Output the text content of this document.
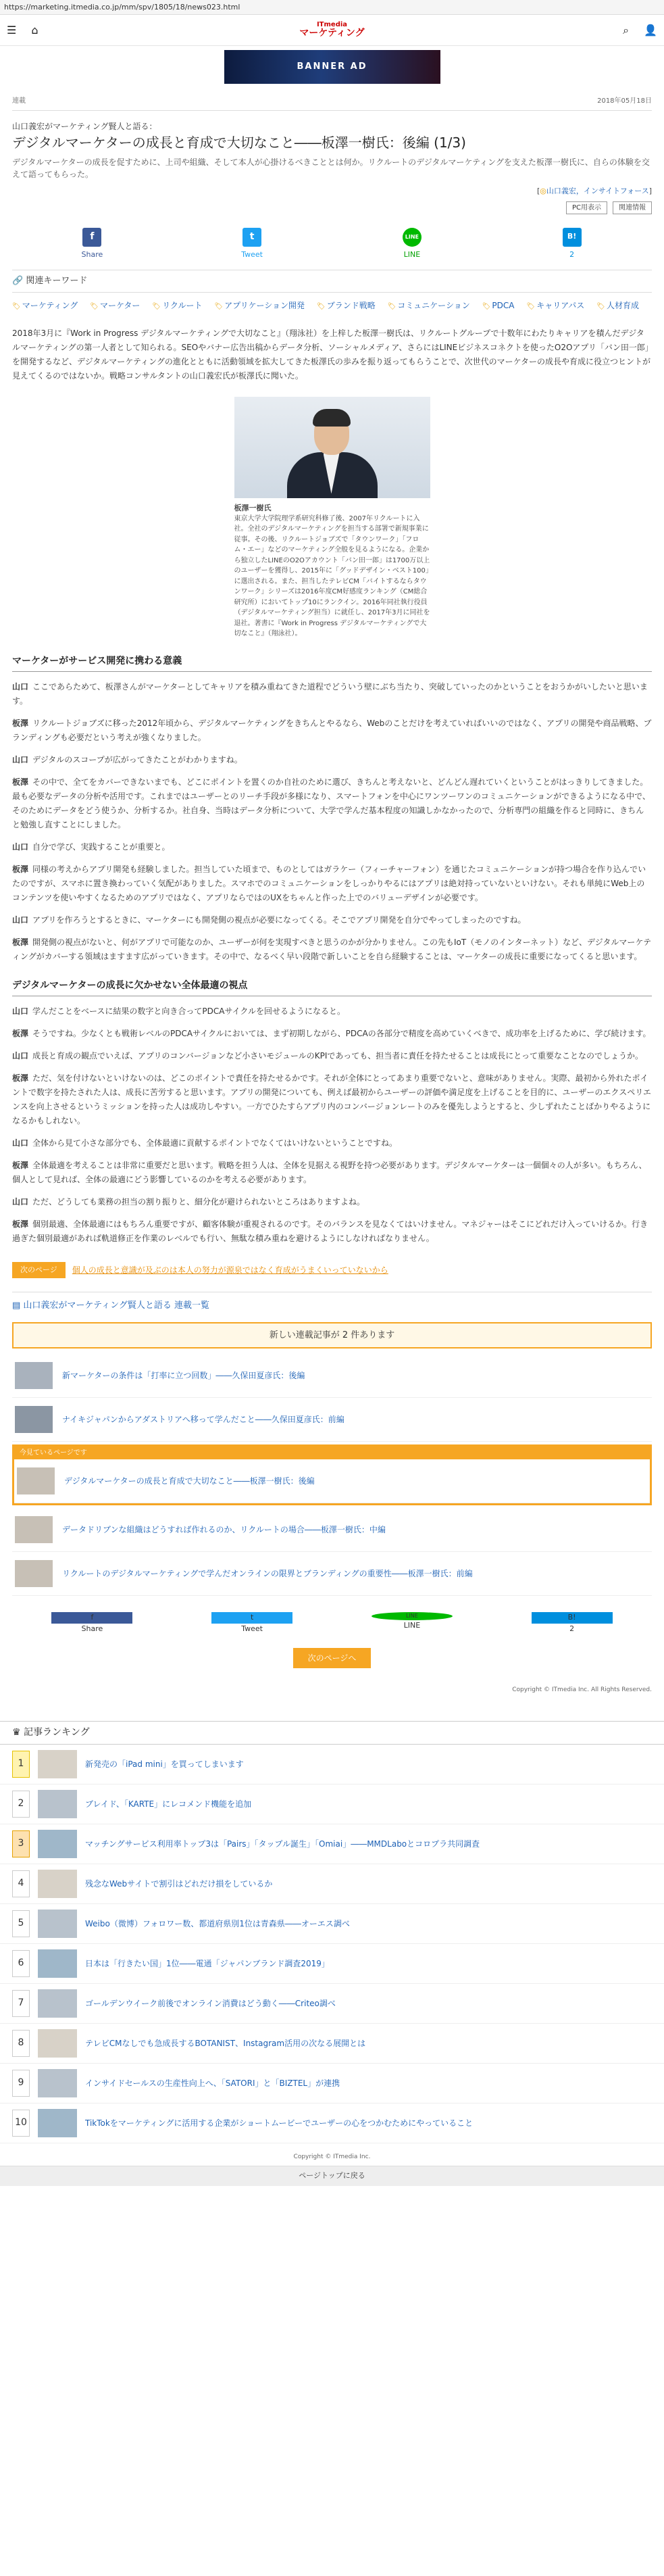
https://marketing.itmedia.co.jp/mm/spv/1805/18/news023.html
☰ ⌂	ITmedia
マーケティング	⌕ 👤
BANNER AD
連載	2018年05月18日
山口義宏がマーケティング賢人と語る：
デジタルマーケターの成長と育成で大切なこと――板澤一樹氏：後編 (1/3)

デジタルマーケターの成長を促すために、上司や組織、そして本人が心掛けるべきこととは何か。リクルートのデジタルマーケティングを支えた板澤一樹氏に、自らの体験を交えて語ってもらった。

[◎山口義宏，インサイトフォース]
PC用表示	関連情報
f
Share
t
Tweet
LINE
LINE
B!
2
🔗 関連キーワード
🏷 マーケティング	🏷 マーケター	🏷 リクルート	🏷 アプリケーション開発	🏷 ブランド戦略	🏷 コミュニケーション	🏷 PDCA	🏷 キャリアパス	🏷 人材育成

2018年3月に『Work in Progress デジタルマーケティングで大切なこと』（翔泳社）を上梓した板澤一樹氏は、リクルートグループで十数年にわたりキャリアを積んだデジタルマーケティングの第一人者として知られる。SEOやバナー広告出稿からデータ分析、ソーシャルメディア、さらにはLINEビジネスコネクトを使ったO2Oアプリ「バン田一郎」を開発するなど、デジタルマーケティングの進化とともに活動領域を拡大してきた板澤氏の歩みを振り返ってもらうことで、次世代のマーケターの成長や育成に役立つヒントが見えてくるのではないか。戦略コンサルタントの山口義宏氏が板澤氏に聞いた。

板澤一樹氏
東京大学大学院理学系研究科修了後、2007年リクルートに入社。全社のデジタルマーケティングを担当する部署で新規事業に従事。その後、リクルートジョブズで「タウンワーク」「フロム・エー」などのマーケティング全般を見るようになる。企業から独立したLINEのO2Oアカウント「バン田一郎」は1700万以上のユーザーを獲得し、2015年に「グッドデザイン・ベスト100」に選出される。また、担当したテレビCM「バイトするならタウンワーク」シリーズは2016年度CM好感度ランキング（CM総合研究所）においてトップ10にランクイン。2016年同社執行役員（デジタルマーケティング担当）に就任し、2017年3月に同社を退社。著書に『Work in Progress デジタルマーケティングで大切なこと』（翔泳社）。
マーケターがサービス開発に携わる意義

山口 ここであらためて、板澤さんがマーケターとしてキャリアを積み重ねてきた道程でどういう壁にぶち当たり、突破していったのかということをおうかがいしたいと思います。

板澤 リクルートジョブズに移った2012年頃から、デジタルマーケティングをきちんとやるなら、Webのことだけを考えていればいいのではなく、アプリの開発や商品戦略、ブランディングも必要だという考えが強くなりました。

山口 デジタルのスコープが広がってきたことがわかりますね。

板澤 その中で、全てをカバーできないまでも、どこにポイントを置くのか自社のために選び、きちんと考えないと、どんどん遅れていくということがはっきりしてきました。最も必要なデータの分析や活用です。これまではユーザーとのリーチ手段が多様になり、スマートフォンを中心にワンツーワンのコミュニケーションができるようになる中で、そのためにデータをどう使うか、分析するか。社自身、当時はデータ分析について、大学で学んだ基本程度の知識しかなかったので、分析専門の組織を作ると同時に、きちんと勉強し直すことにしました。

山口 自分で学び、実践することが重要と。

板澤 同様の考えからアプリ開発も経験しました。担当していた頃まで、ものとしてはガラケー（フィーチャーフォン）を通じたコミュニケーションが持つ場合を作り込んでいたのですが、スマホに置き換わっていく気配がありました。スマホでのコミュニケーションをしっかりやるにはアプリは絶対持っていないといけない。それも単純にWeb上のコンテンツを使いやすくなるためのアプリではなく、アプリならではのUXをちゃんと作った上でのバリューデザインが必要です。

山口 アプリを作ろうとするときに、マーケターにも開発側の視点が必要になってくる。そこでアプリ開発を自分でやってしまったのですね。

板澤 開発側の視点がないと、何がアプリで可能なのか、ユーザーが何を実現すべきと思うのかが分かりません。この先もIoT（モノのインターネット）など、デジタルマーケティングがカバーする領域はますます広がっていきます。その中で、なるべく早い段階で新しいことを自ら経験することは、マーケターの成長に重要になってくると思います。

デジタルマーケターの成長に欠かせない全体最適の視点

山口 学んだことをベースに結果の数字と向き合ってPDCAサイクルを回せるようになると。

板澤 そうですね。少なくとも戦術レベルのPDCAサイクルにおいては、まず初期しながら、PDCAの各部分で精度を高めていくべきで、成功率を上げるために、学び続けます。

山口 成長と育成の観点でいえば、アプリのコンバージョンなど小さいモジュールのKPIであっても、担当者に責任を持たせることは成長にとって重要なことなのでしょうか。

板澤 ただ、気を付けないといけないのは、どこのポイントで責任を持たせるかです。それが全体にとってあまり重要でないと、意味がありません。実際、最初から外れたポイントで数字を持たされた人は、成長に苦労すると思います。アプリの開発についても、例えば最初からユーザーの評価や満足度を上げることを目的に、ユーザーのエクスペリエンスを向上させるというミッションを持った人は成功しやすい。一方でひたすらアプリ内のコンバージョンレートのみを優先しようとすると、少しずれたことばかりやるようになるかもしれない。

山口 全体から見て小さな部分でも、全体最適に貢献するポイントでなくてはいけないということですね。

板澤 全体最適を考えることは非常に重要だと思います。戦略を担う人は、全体を見据える視野を持つ必要があります。デジタルマーケターは一個個々の人が多い。もちろん、個人として見れば、全体の最適にどう影響しているのかを考える必要があります。

山口 ただ、どうしても業務の担当の割り振りと、細分化が避けられないところはありますよね。

板澤 個別最適、全体最適にはもちろん重要ですが、顧客体験が重視されるのです。そのバランスを見なくてはいけません。マネジャーはそこにどれだけ入っていけるか。行き過ぎた個別最適があれば軌道修正を作業のレベルでも行い、無駄な積み重ねを避けるようにしなければなりません。

次のページ	個人の成長と意識が及ぶのは本人の努力が源泉ではなく育成がうまくいっていないから
▤ 山口義宏がマーケティング賢人と語る 連載一覧
新しい連載記事が 2 件あります
新マーケターの条件は「打率に立つ回数」――久保田夏彦氏：後編
ナイキジャパンからアダストリアへ移って学んだこと――久保田夏彦氏：前編
今見ているページです
デジタルマーケターの成長と育成で大切なこと――板澤一樹氏：後編
データドリブンな組織はどうすれば作れるのか、リクルートの場合――板澤一樹氏：中編
リクルートのデジタルマーケティングで学んだオンラインの限界とブランディングの重要性――板澤一樹氏：前編
f
Share
t
Tweet
LINE
LINE
B!
2
次のページへ
Copyright © ITmedia Inc. All Rights Reserved.
♛ 記事ランキング
1	新発売の「iPad mini」を買ってしまいます
2	ブレイド、「KARTE」にレコメンド機能を追加
3	マッチングサービス利用率トップ3は「Pairs」「タップル誕生」「Omiai」――MMDLaboとコロプラ共同調査
4	残念なWebサイトで割引はどれだけ損をしているか
5	Weibo（微博）フォロワー数、都道府県別1位は青森県――オーエス調べ
6	日本は「行きたい国」1位――電通「ジャパンブランド調査2019」
7	ゴールデンウイーク前後でオンライン消費はどう動く――Criteo調べ
8	テレビCMなしでも急成長するBOTANIST、Instagram活用の次なる展開とは
9	インサイドセールスの生産性向上へ、「SATORI」と「BIZTEL」が連携
10	TikTokをマーケティングに活用する企業がショートムービーでユーザーの心をつかむためにやっていること
Copyright © ITmedia Inc.
ページトップに戻る
